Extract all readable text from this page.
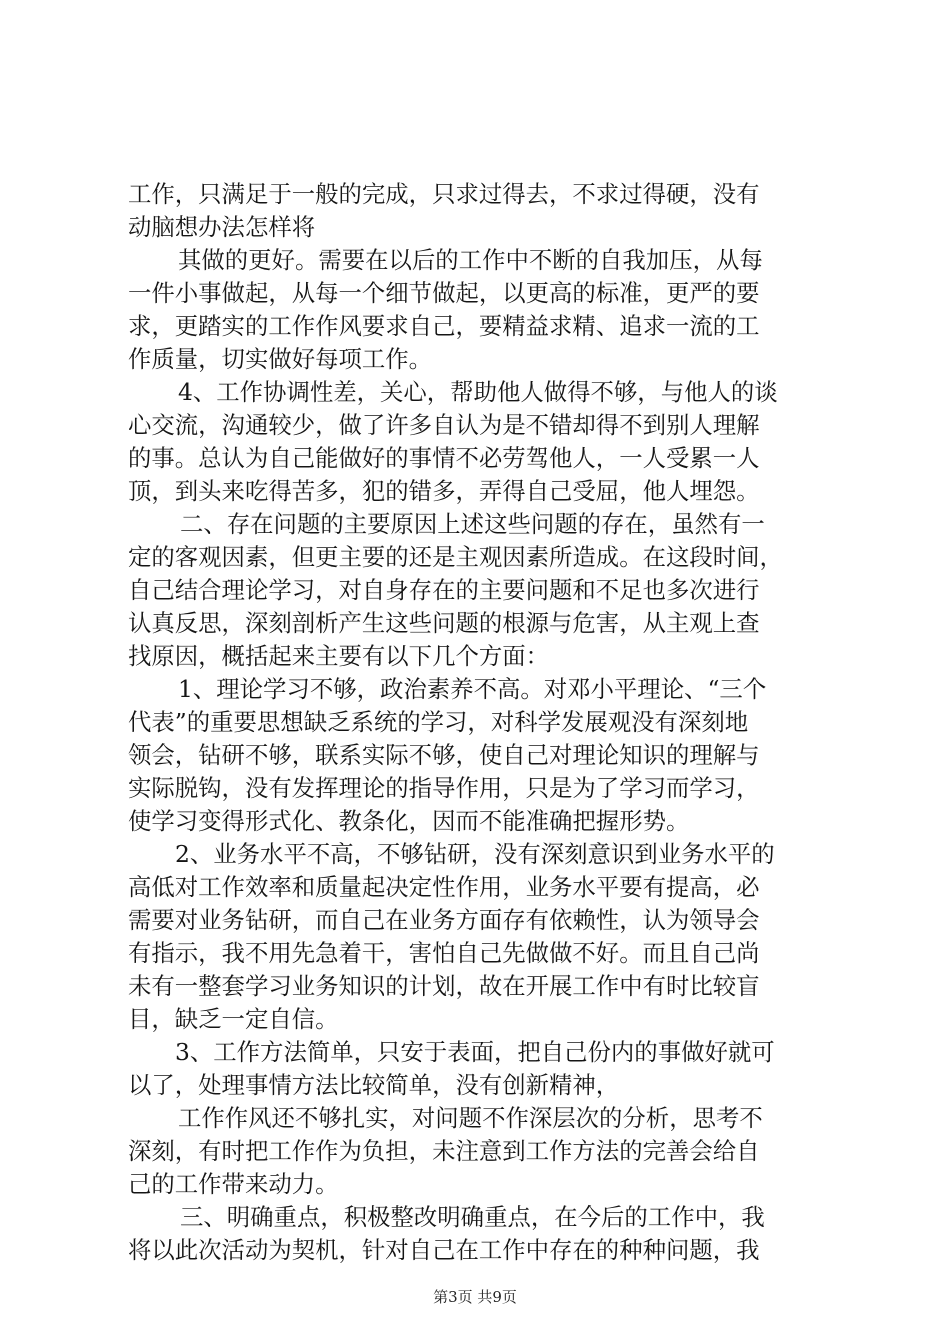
工作，只满足于一般的完成，只求过得去，不求过得硬，没有
动脑想办法怎样将
其做的更好。需要在以后的工作中不断的自我加压，从每
一件小事做起，从每一个细节做起，以更高的标准，更严的要
求，更踏实的工作作风要求自己，要精益求精、追求一流的工
作质量，切实做好每项工作。
4、工作协调性差，关心，帮助他人做得不够，与他人的谈
心交流，沟通较少，做了许多自认为是不错却得不到别人理解
的事。总认为自己能做好的事情不必劳驾他人，一人受累一人
顶，到头来吃得苦多，犯的错多，弄得自己受屈，他人埋怨。
二、存在问题的主要原因上述这些问题的存在，虽然有一
定的客观因素，但更主要的还是主观因素所造成。在这段时间，
自己结合理论学习，对自身存在的主要问题和不足也多次进行
认真反思，深刻剖析产生这些问题的根源与危害，从主观上查
找原因，概括起来主要有以下几个方面：
1、理论学习不够，政治素养不高。对邓小平理论、“三个
代表”的重要思想缺乏系统的学习，对科学发展观没有深刻地
领会，钻研不够，联系实际不够，使自己对理论知识的理解与
实际脱钩，没有发挥理论的指导作用，只是为了学习而学习，
使学习变得形式化、教条化，因而不能准确把握形势。
2、业务水平不高，不够钻研，没有深刻意识到业务水平的
高低对工作效率和质量起决定性作用，业务水平要有提高，必
需要对业务钻研，而自己在业务方面存有依赖性，认为领导会
有指示，我不用先急着干，害怕自己先做做不好。而且自己尚
未有一整套学习业务知识的计划，故在开展工作中有时比较盲
目，缺乏一定自信。
3、工作方法简单，只安于表面，把自己份内的事做好就可
以了，处理事情方法比较简单，没有创新精神，
工作作风还不够扎实，对问题不作深层次的分析，思考不
深刻，有时把工作作为负担，未注意到工作方法的完善会给自
己的工作带来动力。
三、明确重点，积极整改明确重点，在今后的工作中，我
将以此次活动为契机，针对自己在工作中存在的种种问题，我
第3页 共9页
